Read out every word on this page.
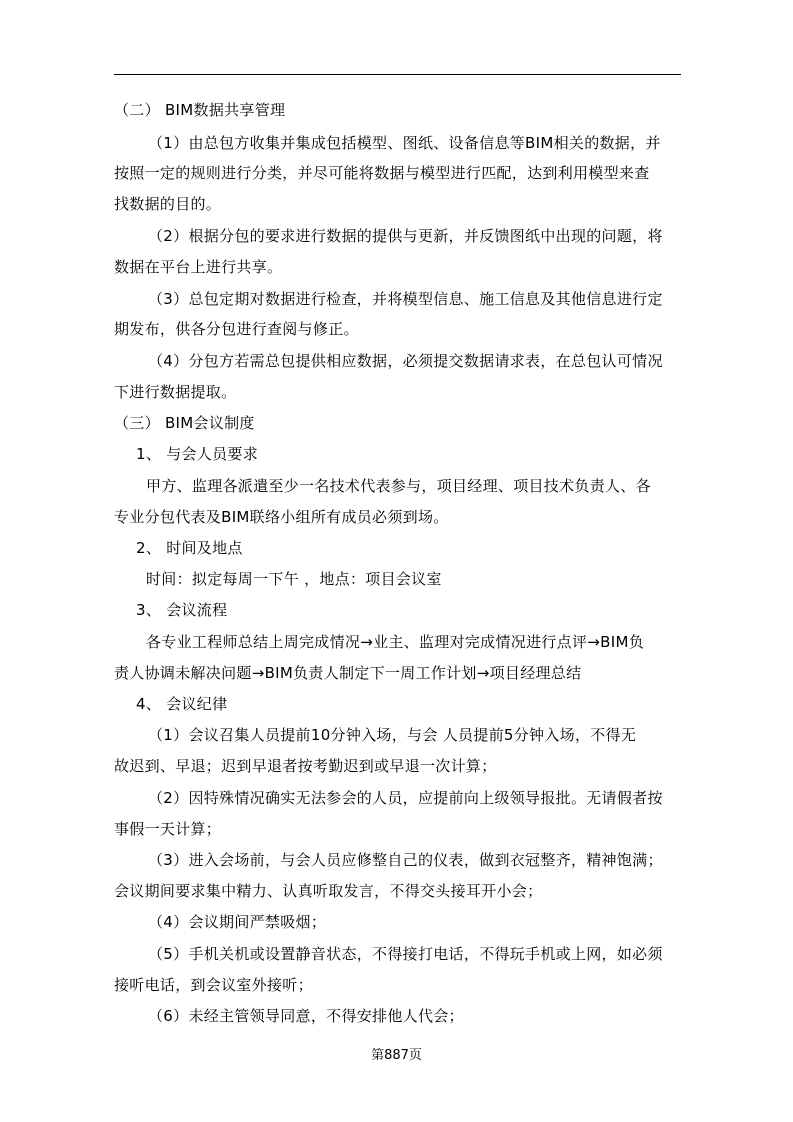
（二） BIM数据共享管理
（1）由总包方收集并集成包括模型、图纸、设备信息等BIM相关的数据，并
按照一定的规则进行分类，并尽可能将数据与模型进行匹配，达到利用模型来查
找数据的目的。
（2）根据分包的要求进行数据的提供与更新，并反馈图纸中出现的问题，将
数据在平台上进行共享。
（3）总包定期对数据进行检查，并将模型信息、施工信息及其他信息进行定
期发布，供各分包进行查阅与修正。
（4）分包方若需总包提供相应数据，必须提交数据请求表，在总包认可情况
下进行数据提取。
（三） BIM会议制度
1、 与会人员要求
甲方、监理各派遣至少一名技术代表参与，项目经理、项目技术负责人、各
专业分包代表及BIM联络小组所有成员必须到场。
2、 时间及地点
时间：拟定每周一下午 ，地点：项目会议室
3、 会议流程
各专业工程师总结上周完成情况→业主、监理对完成情况进行点评→BIM负
责人协调未解决问题→BIM负责人制定下一周工作计划→项目经理总结
4、 会议纪律
（1）会议召集人员提前10分钟入场，与会 人员提前5分钟入场，不得无
故迟到、早退；迟到早退者按考勤迟到或早退一次计算；
（2）因特殊情况确实无法参会的人员，应提前向上级领导报批。无请假者按
事假一天计算；
（3）进入会场前，与会人员应修整自己的仪表，做到衣冠整齐，精神饱满；
会议期间要求集中精力、认真听取发言，不得交头接耳开小会；
（4）会议期间严禁吸烟；
（5）手机关机或设置静音状态，不得接打电话，不得玩手机或上网，如必须
接听电话，到会议室外接听；
（6）未经主管领导同意，不得安排他人代会；
第887页
